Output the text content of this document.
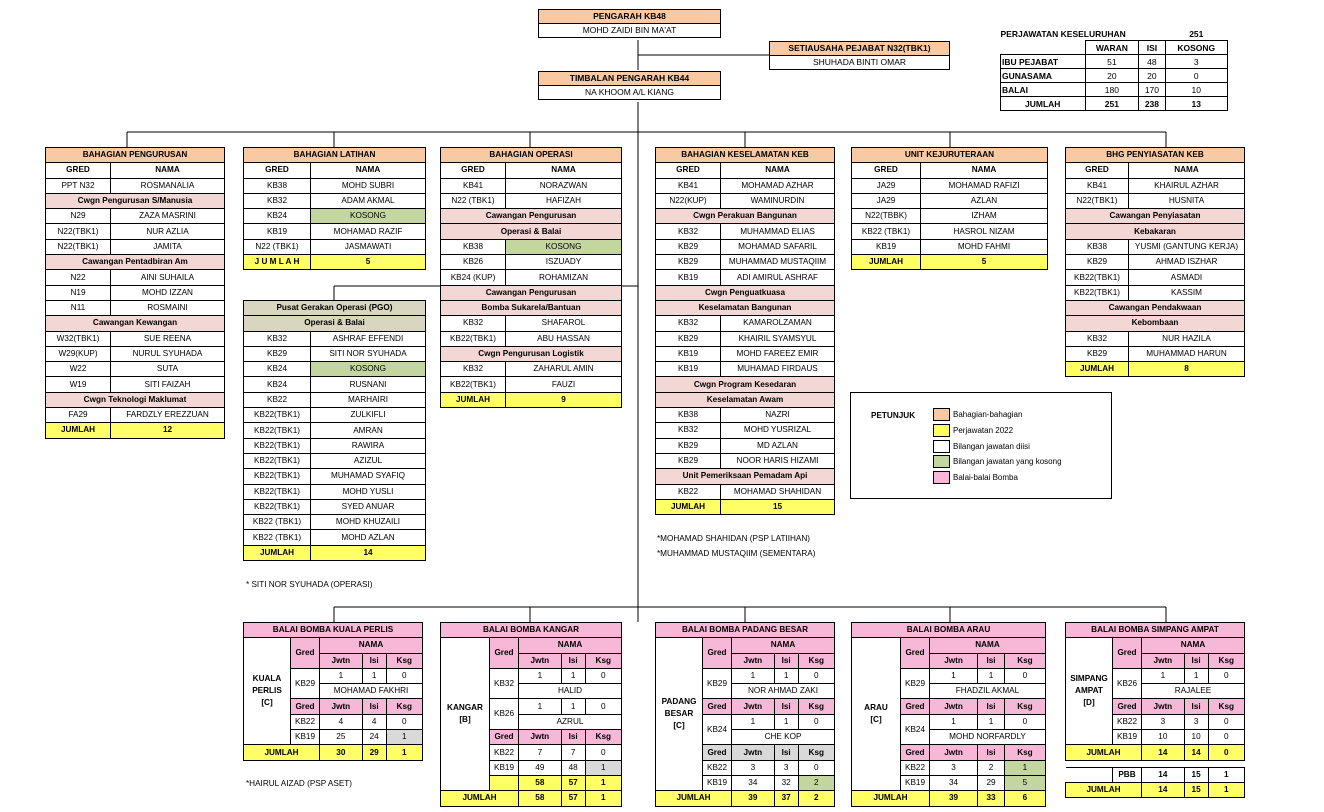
PENGARAH KB48
MOHD ZAIDI BIN MA'AT
SETIAUSAHA PEJABAT N32(TBK1)
SHUHADA BINTI OMAR
TIMBALAN PENGARAH KB44
NA KHOOM A/L KIANG
PERJAWATAN KESELURUHAN			251
	WARAN	ISI	KOSONG
IBU PEJABAT	51	48	3
GUNASAMA	20	20	0
BALAI	180	170	10
JUMLAH	251	238	13
BAHAGIAN PENGURUSAN	
GRED	NAMA
PPT N32	ROSMANALIA
Cwgn Pengurusan S/Manusia	
N29	ZAZA MASRINI
N22(TBK1)	NUR AZLIA
N22(TBK1)	JAMITA
Cawangan Pentadbiran Am	
N22	AINI SUHAILA
N19	MOHD IZZAN
N11	ROSMAINI
Cawangan Kewangan	
W32(TBK1)	SUE REENA
W29(KUP)	NURUL SYUHADA
W22	SUTA
W19	SITI FAIZAH
Cwgn Teknologi Maklumat	
FA29	FARDZLY EREZZUAN
JUMLAH	12
BAHAGIAN LATIHAN	
GRED	NAMA
KB38	MOHD SUBRI
KB32	ADAM AKMAL
KB24	KOSONG
KB19	MOHAMAD RAZIF
N22 (TBK1)	JASMAWATI
J U M L A H	5
Pusat Gerakan Operasi (PGO)	
Operasi & Balai	
KB32	ASHRAF EFFENDI
KB29	SITI NOR SYUHADA
KB24	KOSONG
KB24	RUSNANI
KB22	MARHAIRI
KB22(TBK1)	ZULKIFLI
KB22(TBK1)	AMRAN
KB22(TBK1)	RAWIRA
KB22(TBK1)	AZIZUL
KB22(TBK1)	MUHAMAD SYAFIQ
KB22(TBK1)	MOHD YUSLI
KB22(TBK1)	SYED ANUAR
KB22 (TBK1)	MOHD KHUZAILI
KB22 (TBK1)	MOHD AZLAN
JUMLAH	14
BAHAGIAN OPERASI	
GRED	NAMA
KB41	NORAZWAN
N22 (TBK1)	HAFIZAH
Cawangan Pengurusan	
Operasi & Balai	
KB38	KOSONG
KB26	ISZUADY
KB24 (KUP)	ROHAMIZAN
Cawangan Pengurusan	
Bomba Sukarela/Bantuan	
KB32	SHAFAROL
KB22(TBK1)	ABU HASSAN
Cwgn Pengurusan Logistik	
KB32	ZAHARUL AMIN
KB22(TBK1)	FAUZI
JUMLAH	9
BAHAGIAN KESELAMATAN KEB	
GRED	NAMA
KB41	MOHAMAD AZHAR
N22(KUP)	WAMINURDIN
Cwgn Perakuan Bangunan	
KB32	MUHAMMAD ELIAS
KB29	MOHAMAD SAFARIL
KB29	MUHAMMAD MUSTAQIIM
KB19	ADI AMIRUL ASHRAF
Cwgn Penguatkuasa	
Keselamatan Bangunan	
KB32	KAMAROLZAMAN
KB29	KHAIRIL SYAMSYUL
KB19	MOHD FAREEZ EMIR
KB19	MUHAMAD FIRDAUS
Cwgn Program Kesedaran	
Keselamatan Awam	
KB38	NAZRI
KB32	MOHD YUSRIZAL
KB29	MD AZLAN
KB29	NOOR HARIS HIZAMI
Unit Pemeriksaan Pemadam Api	
KB22	MOHAMAD SHAHIDAN
JUMLAH	15
UNIT KEJURUTERAAN	
GRED	NAMA
JA29	MOHAMAD RAFIZI
JA29	AZLAN
N22(TBBK)	IZHAM
KB22 (TBK1)	HASROL NIZAM
KB19	MOHD FAHMI
JUMLAH	5
BHG PENYIASATAN KEB	
GRED	NAMA
KB41	KHAIRUL AZHAR
N22(TBK1)	HUSNITA
Cawangan Penyiasatan	
Kebakaran	
KB38	YUSMI (GANTUNG KERJA)
KB29	AHMAD ISZHAR
KB22(TBK1)	ASMADI
KB22(TBK1)	KASSIM
Cawangan Pendakwaan	
Kebombaan	
KB32	NUR HAZILA
KB29	MUHAMMAD HARUN
JUMLAH	8
*MOHAMAD SHAHIDAN (PSP LATIIHAN)
*MUHAMMAD MUSTAQIIM (SEMENTARA)
* SITI NOR SYUHADA (OPERASI)
*HAIRUL AIZAD (PSP ASET)
PETUNJUK	Bahagian-bahagian
Perjawatan 2022
Bilangan jawatan diisi
Bilangan jawatan yang kosong
Balai-balai Bomba
BALAI BOMBA KUALA PERLIS				
KUALA
PERLIS
[C]	Gred	NAMA		
		Jwtn	Isi	Ksg
	KB29	1	1	0
		MOHAMAD FAKHRI		
	Gred	Jwtn	Isi	Ksg
	KB22	4	4	0
	KB19	25	24	1
JUMLAH		30	29	1
BALAI BOMBA KANGAR				
KANGAR
[B]	Gred	NAMA		
		Jwtn	Isi	Ksg
	KB32	1	1	0
		HALID		
	KB26	1	1	0
		AZRUL		
	Gred	Jwtn	Isi	Ksg
	KB22	7	7	0
	KB19	49	48	1
		58	57	1
JUMLAH		58	57	1
BALAI BOMBA PADANG BESAR				
PADANG
BESAR
[C]	Gred	NAMA		
		Jwtn	Isi	Ksg
	KB29	1	1	0
		NOR AHMAD ZAKI		
	Gred	Jwtn	Isi	Ksg
	KB24	1	1	0
		CHE KOP		
	Gred	Jwtn	Isi	Ksg
	KB22	3	3	0
	KB19	34	32	2
JUMLAH		39	37	2
BALAI BOMBA ARAU				
ARAU
[C]	Gred	NAMA		
		Jwtn	Isi	Ksg
	KB29	1	1	0
		FHADZIL AKMAL		
	Gred	Jwtn	Isi	Ksg
	KB24	1	1	0
		MOHD NORFARDLY		
	Gred	Jwtn	Isi	Ksg
	KB22	3	2	1
	KB19	34	29	5
JUMLAH		39	33	6
BALAI BOMBA SIMPANG AMPAT				
SIMPANG
AMPAT
[D]	Gred	NAMA		
		Jwtn	Isi	Ksg
	KB26	1	1	0
		RAJALEE		
	Gred	Jwtn	Isi	Ksg
	KB22	3	3	0
	KB19	10	10	0
JUMLAH		14	14	0

	PBB	14	15	1
JUMLAH		14	15	1
